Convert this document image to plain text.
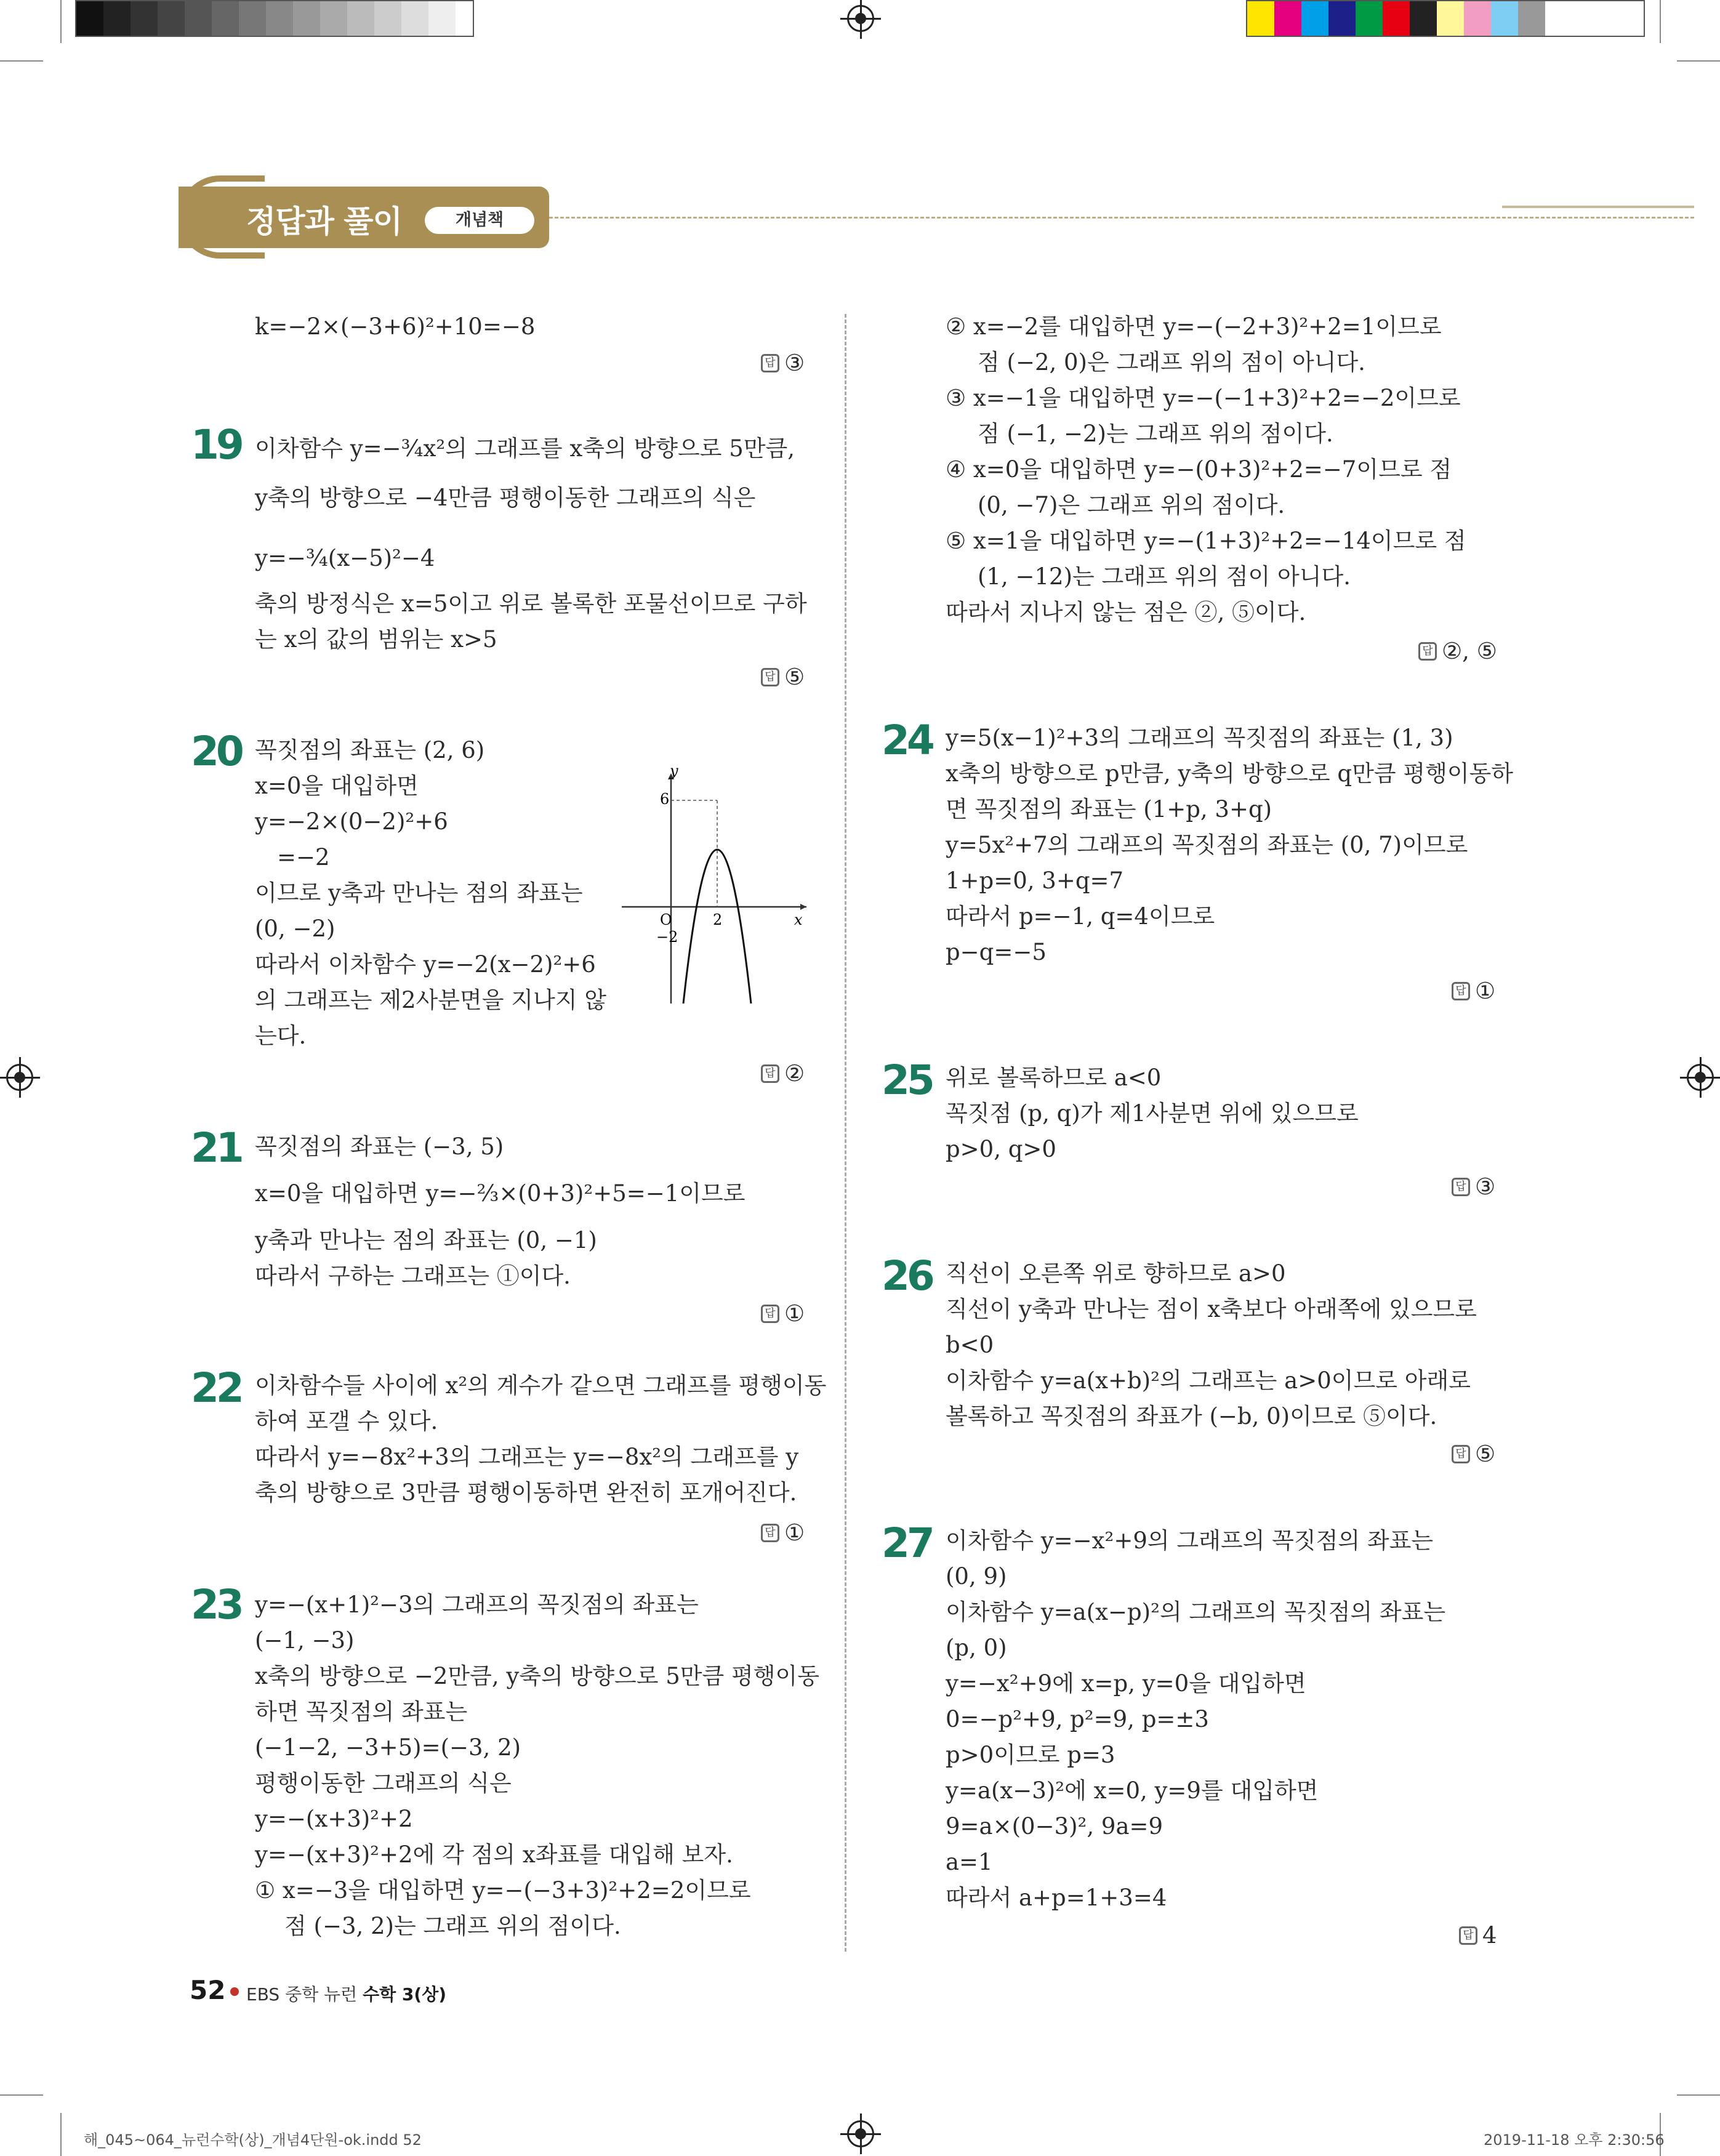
정답과 풀이	개념책
k=−2×(−3+6)²+10=−8
답 ③
19 이차함수 y=−¾x²의 그래프를 x축의 방향으로 5만큼,
y축의 방향으로 −4만큼 평행이동한 그래프의 식은
y=−¾(x−5)²−4
축의 방정식은 x=5이고 위로 볼록한 포물선이므로 구하
는 x의 값의 범위는 x>5
답 ⑤
20 꼭짓점의 좌표는 (2, 6)
x=0을 대입하면
y=−2×(0−2)²+6
=−2
이므로 y축과 만나는 점의 좌표는
(0, −2)
따라서 이차함수 y=−2(x−2)²+6
의 그래프는 제2사분면을 지나지 않
는다.
y
x
6
O	2
−2
답 ②
21 꼭짓점의 좌표는 (−3, 5)
x=0을 대입하면 y=−⅔×(0+3)²+5=−1이므로
y축과 만나는 점의 좌표는 (0, −1)
따라서 구하는 그래프는 ①이다.
답 ①
22 이차함수들 사이에 x²의 계수가 같으면 그래프를 평행이동
하여 포갤 수 있다.
따라서 y=−8x²+3의 그래프는 y=−8x²의 그래프를 y
축의 방향으로 3만큼 평행이동하면 완전히 포개어진다.
답 ①
23 y=−(x+1)²−3의 그래프의 꼭짓점의 좌표는
(−1, −3)
x축의 방향으로 −2만큼, y축의 방향으로 5만큼 평행이동
하면 꼭짓점의 좌표는
(−1−2, −3+5)=(−3, 2)
평행이동한 그래프의 식은
y=−(x+3)²+2
y=−(x+3)²+2에 각 점의 x좌표를 대입해 보자.
① x=−3을 대입하면 y=−(−3+3)²+2=2이므로
점 (−3, 2)는 그래프 위의 점이다.
② x=−2를 대입하면 y=−(−2+3)²+2=1이므로
점 (−2, 0)은 그래프 위의 점이 아니다.
③ x=−1을 대입하면 y=−(−1+3)²+2=−2이므로
점 (−1, −2)는 그래프 위의 점이다.
④ x=0을 대입하면 y=−(0+3)²+2=−7이므로 점
(0, −7)은 그래프 위의 점이다.
⑤ x=1을 대입하면 y=−(1+3)²+2=−14이므로 점
(1, −12)는 그래프 위의 점이 아니다.
따라서 지나지 않는 점은 ②, ⑤이다.
답 ②, ⑤
24 y=5(x−1)²+3의 그래프의 꼭짓점의 좌표는 (1, 3)
x축의 방향으로 p만큼, y축의 방향으로 q만큼 평행이동하
면 꼭짓점의 좌표는 (1+p, 3+q)
y=5x²+7의 그래프의 꼭짓점의 좌표는 (0, 7)이므로
1+p=0, 3+q=7
따라서 p=−1, q=4이므로
p−q=−5
답 ①
25 위로 볼록하므로 a<0
꼭짓점 (p, q)가 제1사분면 위에 있으므로
p>0, q>0
답 ③
26 직선이 오른쪽 위로 향하므로 a>0
직선이 y축과 만나는 점이 x축보다 아래쪽에 있으므로
b<0
이차함수 y=a(x+b)²의 그래프는 a>0이므로 아래로
볼록하고 꼭짓점의 좌표가 (−b, 0)이므로 ⑤이다.
답 ⑤
27 이차함수 y=−x²+9의 그래프의 꼭짓점의 좌표는
(0, 9)
이차함수 y=a(x−p)²의 그래프의 꼭짓점의 좌표는
(p, 0)
y=−x²+9에 x=p, y=0을 대입하면
0=−p²+9, p²=9, p=±3
p>0이므로 p=3
y=a(x−3)²에 x=0, y=9를 대입하면
9=a×(0−3)², 9a=9
a=1
따라서 a+p=1+3=4
답 4
52 EBS 중학 뉴런 수학 3(상)
해_045~064_뉴런수학(상)_개념4단원-ok.indd 52	2019-11-18 오후 2:30:56
